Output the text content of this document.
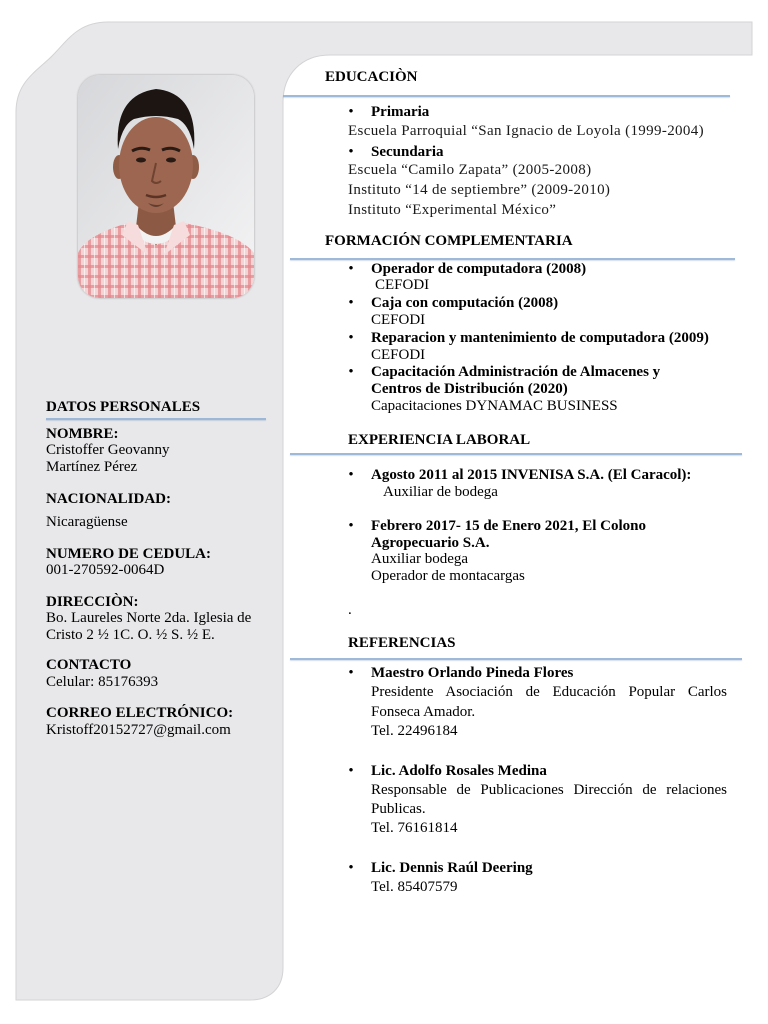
DATOS PERSONALES
NOMBRE:
Cristoffer Geovanny
Martínez Pérez
NACIONALIDAD:
Nicaragüense
NUMERO DE CEDULA:
001-270592-0064D
DIRECCIÒN:
Bo. Laureles Norte 2da. Iglesia de
Cristo 2 ½ 1C. O. ½ S. ½ E.
CONTACTO
Celular: 85176393
CORREO ELECTRÓNICO:
Kristoff20152727@gmail.com
EDUCACIÒN
• Primaria
Escuela Parroquial “San Ignacio de Loyola (1999-2004)
• Secundaria
Escuela “Camilo Zapata” (2005-2008)
Instituto “14 de septiembre” (2009-2010)
Instituto “Experimental México”
FORMACIÓN COMPLEMENTARIA
• Operador de computadora (2008)
CEFODI
• Caja con computación (2008)
CEFODI
• Reparacion y mantenimiento de computadora (2009)
CEFODI
• Capacitación Administración de Almacenes y
Centros de Distribución (2020)
Capacitaciones DYNAMAC BUSINESS
EXPERIENCIA LABORAL
• Agosto 2011 al 2015 INVENISA S.A. (El Caracol):
Auxiliar de bodega
• Febrero 2017- 15 de Enero 2021, El Colono
Agropecuario S.A.
Auxiliar bodega
Operador de montacargas
.
REFERENCIAS
• Maestro Orlando Pineda Flores
Presidente Asociación de Educación Popular Carlos
Fonseca Amador.
Tel. 22496184
• Lic. Adolfo Rosales Medina
Responsable de Publicaciones Dirección de relaciones
Publicas.
Tel. 76161814
• Lic. Dennis Raúl Deering
Tel. 85407579
